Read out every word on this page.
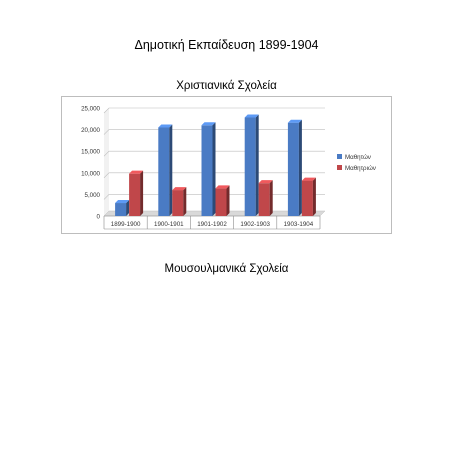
Δημοτική Εκπαίδευση 1899-1904
Χριστιανικά Σχολεία
0
5,000
10,000
15,000
20,000
25,000
1899-1900 1900-1901 1901-1902 1902-1903 1903-1904
Μαθητών
Μαθητριών
Μουσουλμανικά Σχολεία
